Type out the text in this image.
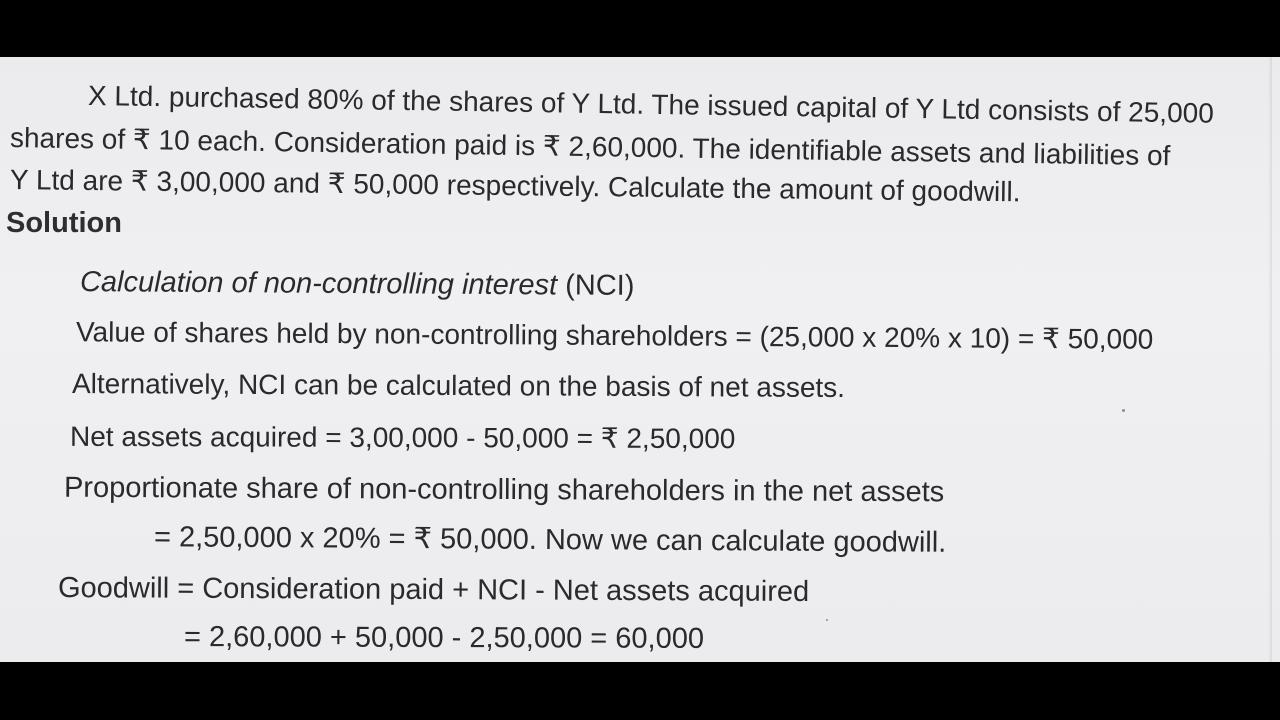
X Ltd. purchased 80% of the shares of Y Ltd. The issued capital of Y Ltd consists of 25,000
shares of ₹ 10 each. Consideration paid is ₹ 2,60,000. The identifiable assets and liabilities of
Y Ltd are ₹ 3,00,000 and ₹ 50,000 respectively. Calculate the amount of goodwill.
Solution
Calculation of non-controlling interest (NCI)
Value of shares held by non-controlling shareholders = (25,000 x 20% x 10) = ₹ 50,000
Alternatively, NCI can be calculated on the basis of net assets.
Net assets acquired = 3,00,000 - 50,000 = ₹ 2,50,000
Proportionate share of non-controlling shareholders in the net assets
= 2,50,000 x 20% = ₹ 50,000. Now we can calculate goodwill.
Goodwill = Consideration paid + NCI - Net assets acquired
= 2,60,000 + 50,000 - 2,50,000 = 60,000
